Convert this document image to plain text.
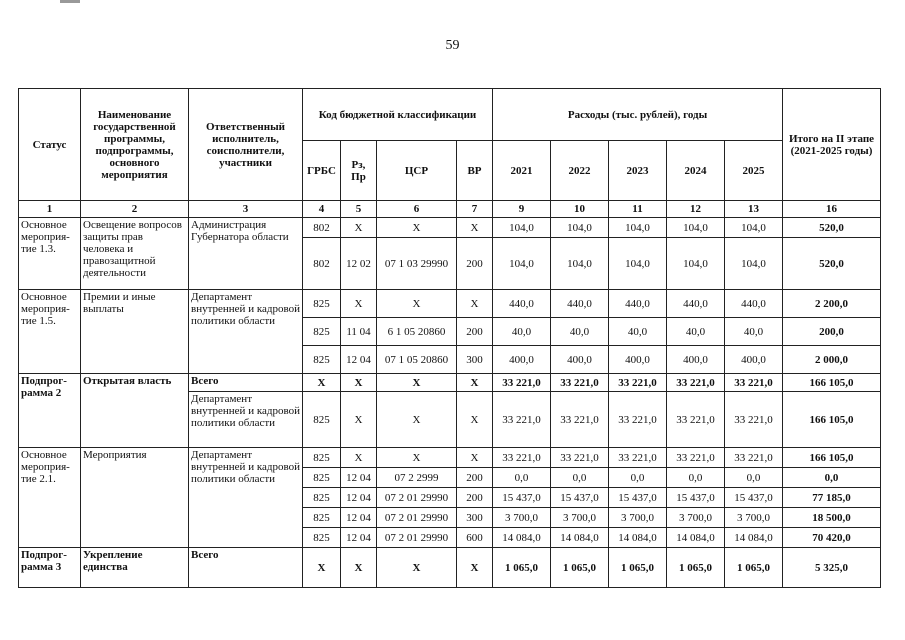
59
Статус	Наименование государственной программы, подпрограммы, основного мероприятия	Ответственный исполнитель, соисполнители, участники	Код бюджетной классификации				Расходы (тыс. рублей), годы					Итого на II этапе (2021-2025 годы)
			ГРБС	Рз, Пр	ЦСР	ВР	2021	2022	2023	2024	2025	
1	2	3	4	5	6	7	9	10	11	12	13	16
Основное мероприя-тие 1.3.	Освещение вопросов защиты прав человека и правозащитной деятельности	Администрация Губернатора области	802	X	X	X	104,0	104,0	104,0	104,0	104,0	520,0
			802	12 02	07 1 03 29990	200	104,0	104,0	104,0	104,0	104,0	520,0
Основное мероприя-тие 1.5.	Премии и иные выплаты	Департамент внутренней и кадровой политики области	825	X	X	X	440,0	440,0	440,0	440,0	440,0	2 200,0
			825	11 04	6 1 05 20860	200	40,0	40,0	40,0	40,0	40,0	200,0
			825	12 04	07 1 05 20860	300	400,0	400,0	400,0	400,0	400,0	2 000,0
Подпрог-рамма 2	Открытая власть	Всего	X	X	X	X	33 221,0	33 221,0	33 221,0	33 221,0	33 221,0	166 105,0
		Департамент внутренней и кадровой политики области	825	X	X	X	33 221,0	33 221,0	33 221,0	33 221,0	33 221,0	166 105,0
Основное мероприя-тие 2.1.	Мероприятия	Департамент внутренней и кадровой политики области	825	X	X	X	33 221,0	33 221,0	33 221,0	33 221,0	33 221,0	166 105,0
			825	12 04	07 2 2999	200	0,0	0,0	0,0	0,0	0,0	0,0
			825	12 04	07 2 01 29990	200	15 437,0	15 437,0	15 437,0	15 437,0	15 437,0	77 185,0
			825	12 04	07 2 01 29990	300	3 700,0	3 700,0	3 700,0	3 700,0	3 700,0	18 500,0
			825	12 04	07 2 01 29990	600	14 084,0	14 084,0	14 084,0	14 084,0	14 084,0	70 420,0
Подпрог-рамма 3	Укрепление единства	Всего	X	X	X	X	1 065,0	1 065,0	1 065,0	1 065,0	1 065,0	5 325,0
